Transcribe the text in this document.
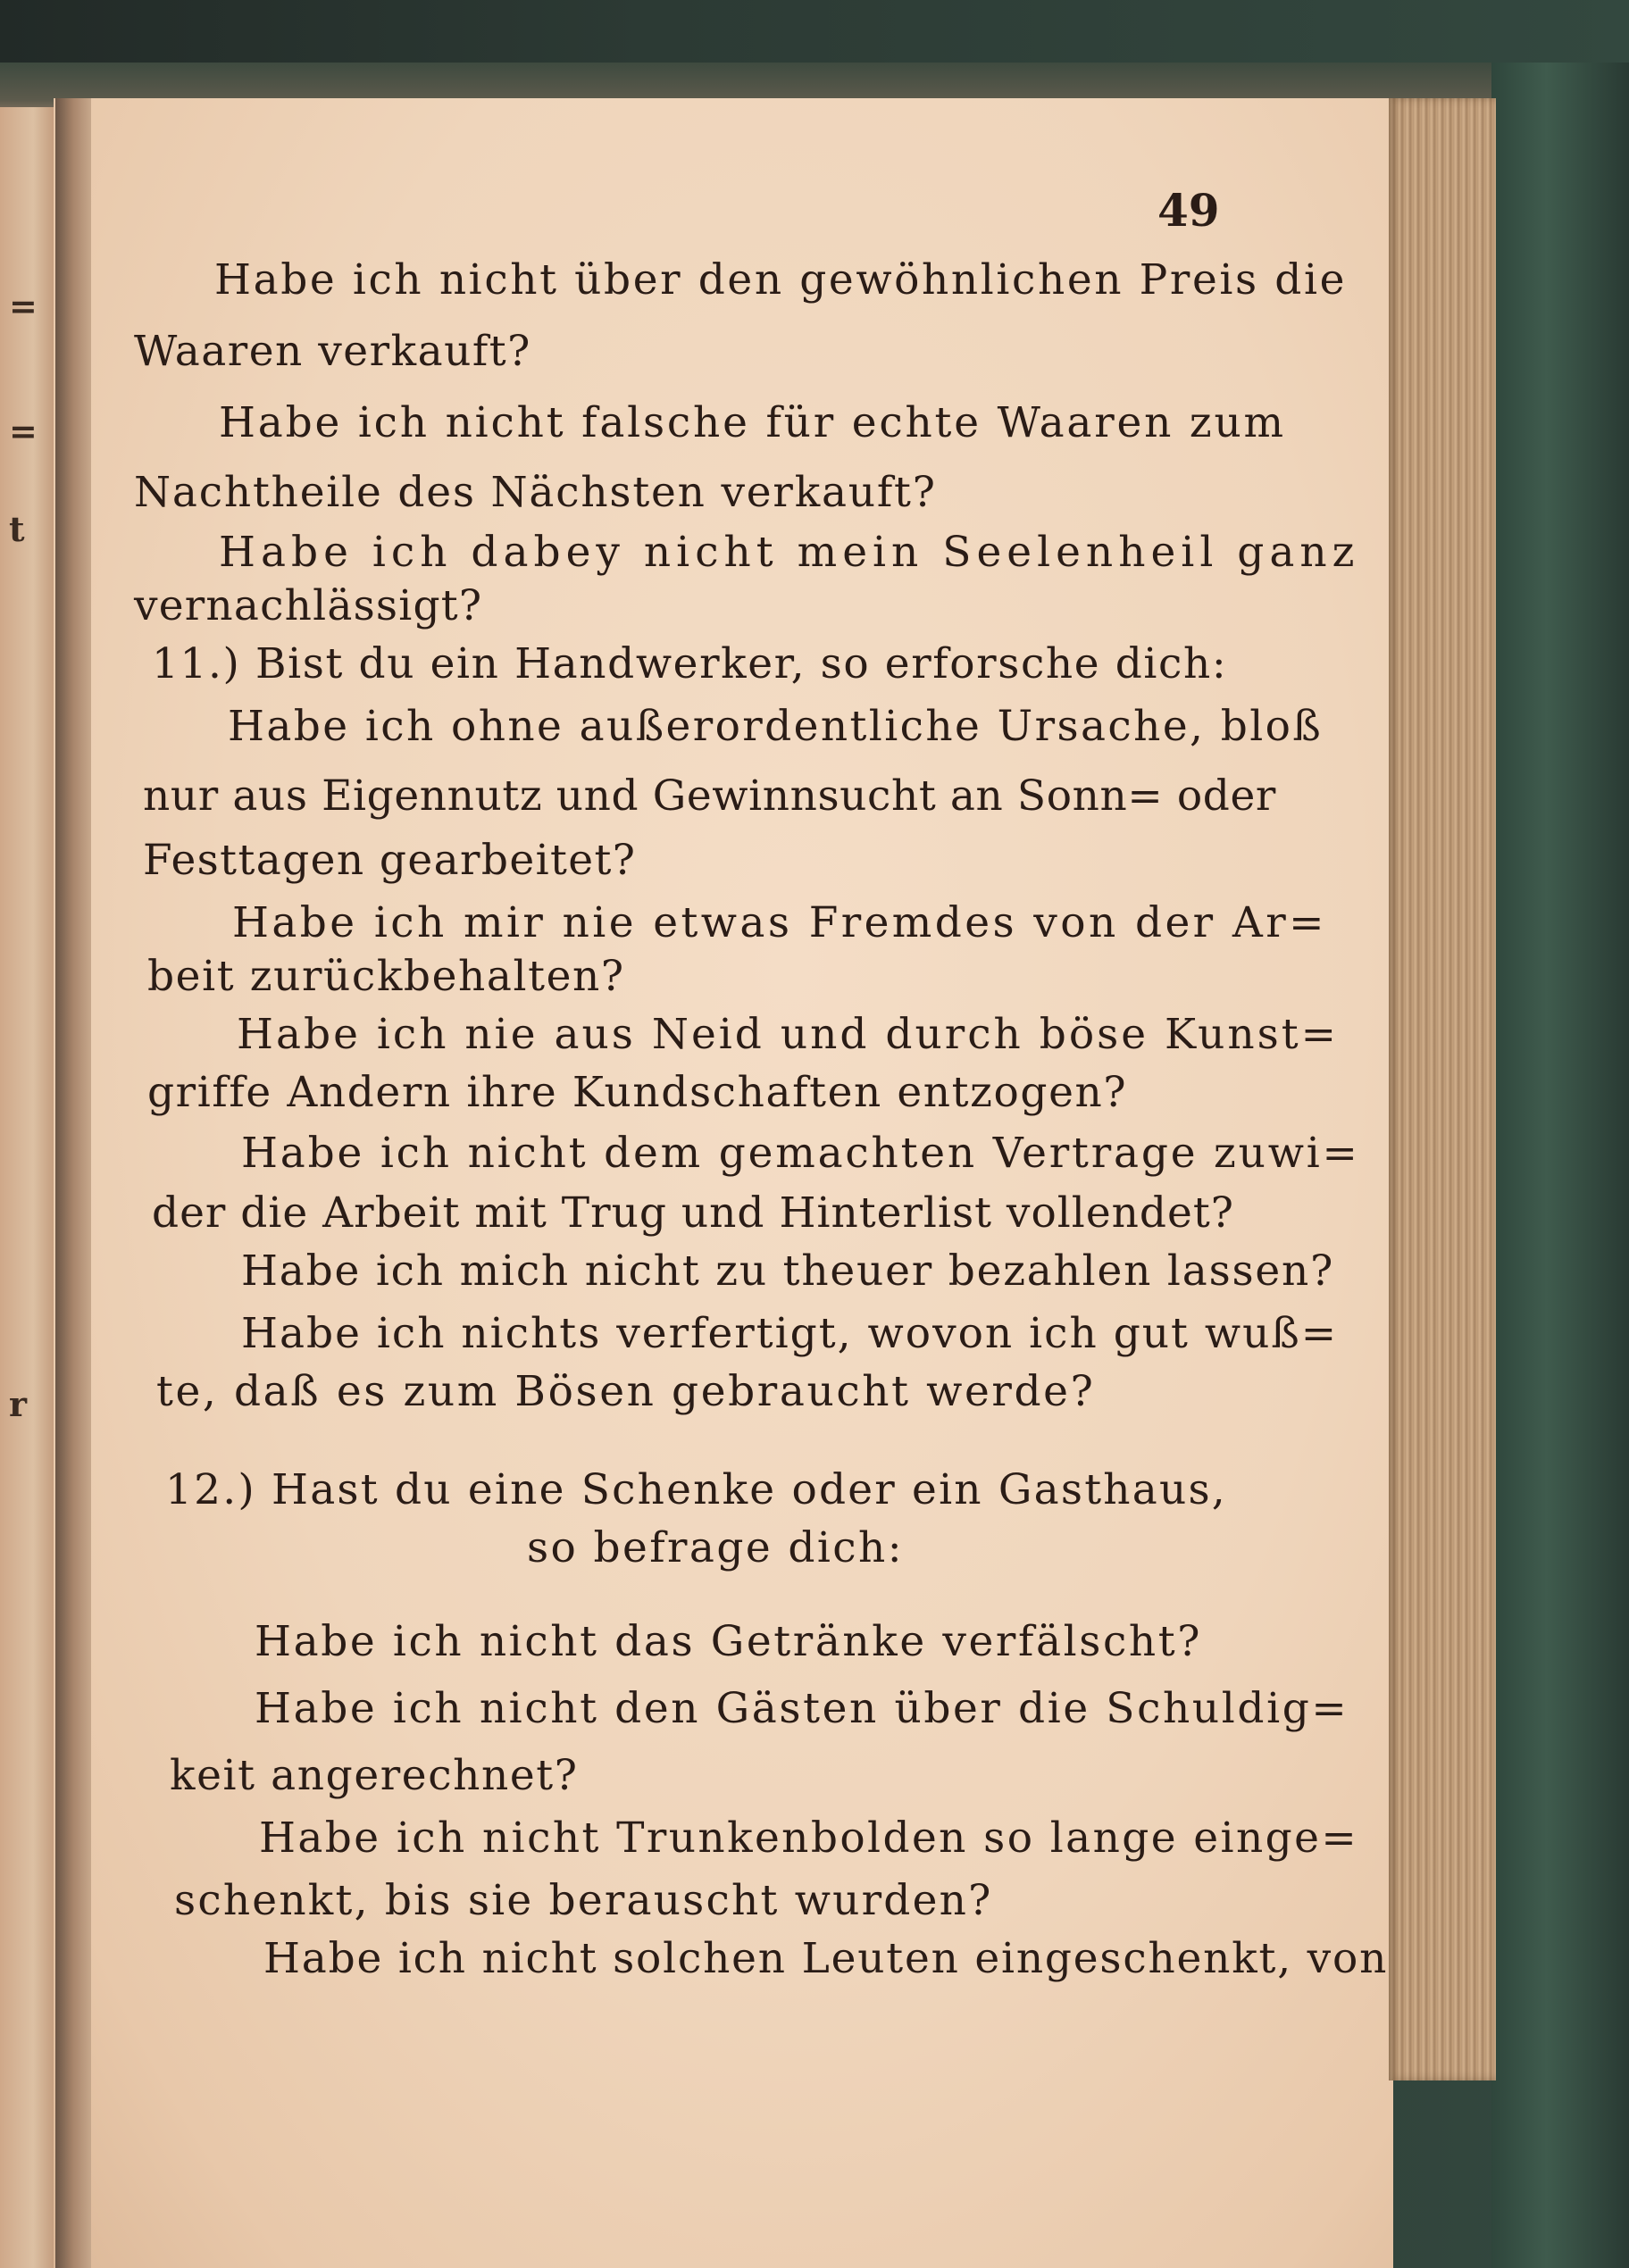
=
=
t
r
49
Habe ich nicht über den gewöhnlichen Preis die
Waaren verkauft?
Habe ich nicht falsche für echte Waaren zum
Nachtheile des Nächsten verkauft?
Habe ich dabey nicht mein Seelenheil ganz
vernachlässigt?
11.) Bist du ein Handwerker, so erforsche dich:
Habe ich ohne außerordentliche Ursache, bloß
nur aus Eigennutz und Gewinnsucht an Sonn= oder
Festtagen gearbeitet?
Habe ich mir nie etwas Fremdes von der Ar=
beit zurückbehalten?
Habe ich nie aus Neid und durch böse Kunst=
griffe Andern ihre Kundschaften entzogen?
Habe ich nicht dem gemachten Vertrage zuwi=
der die Arbeit mit Trug und Hinterlist vollendet?
Habe ich mich nicht zu theuer bezahlen lassen?
Habe ich nichts verfertigt, wovon ich gut wuß=
te, daß es zum Bösen gebraucht werde?
12.) Hast du eine Schenke oder ein Gasthaus,
so befrage dich:
Habe ich nicht das Getränke verfälscht?
Habe ich nicht den Gästen über die Schuldig=
keit angerechnet?
Habe ich nicht Trunkenbolden so lange einge=
schenkt, bis sie berauscht wurden?
Habe ich nicht solchen Leuten eingeschenkt, von
